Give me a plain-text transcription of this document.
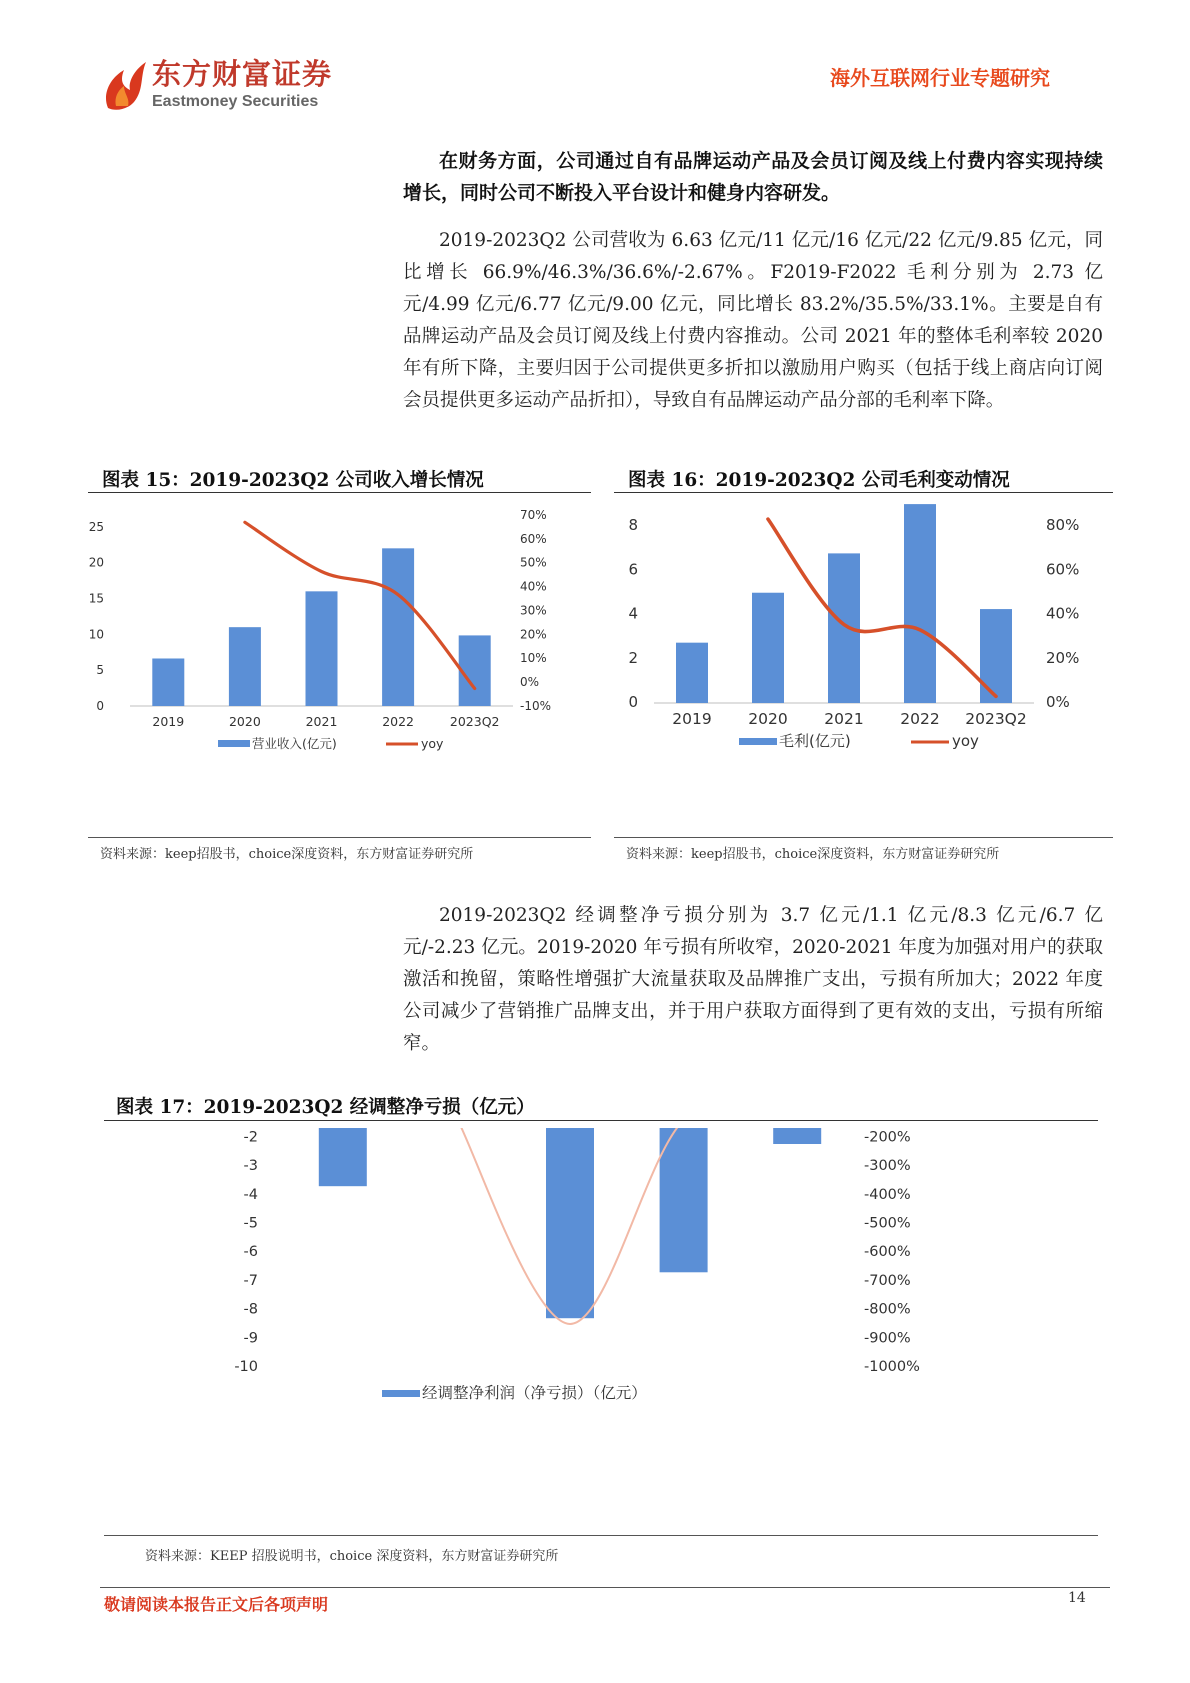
东方财富证券
Eastmoney Securities
海外互联网行业专题研究
在财务方面，公司通过自有品牌运动产品及会员订阅及线上付费内容实现持续增长，同时公司不断投入平台设计和健身内容研发。
2019-2023Q2 公司营收为 6.63 亿元/11 亿元/16 亿元/22 亿元/9.85 亿元，同比增长 66.9%/46.3%/36.6%/-2.67%。F2019-F2022 毛利分别为 2.73 亿元/4.99 亿元/6.77 亿元/9.00 亿元，同比增长 83.2%/35.5%/33.1%。主要是自有品牌运动产品及会员订阅及线上付费内容推动。公司 2021 年的整体毛利率较 2020 年有所下降，主要归因于公司提供更多折扣以激励用户购买（包括于线上商店向订阅会员提供更多运动产品折扣），导致自有品牌运动产品分部的毛利率下降。
图表 15：2019-2023Q2 公司收入增长情况
0
5
10
15
20
25
-10%
0%
10%
20%
30%
40%
50%
60%
70%
2019	2020	2021	2022	2023Q2
营业收入(亿元)	yoy
资料来源：keep招股书，choice深度资料，东方财富证券研究所
图表 16：2019-2023Q2 公司毛利变动情况
0
2
4
6
8
0%
20%
40%
60%
80%
2019 2020 2021 2022 2023Q2
毛利(亿元)	yoy
资料来源：keep招股书，choice深度资料，东方财富证券研究所
2019-2023Q2 经调整净亏损分别为 3.7 亿元/1.1 亿元/8.3 亿元/6.7 亿元/-2.23 亿元。2019-2020 年亏损有所收窄，2020-2021 年度为加强对用户的获取激活和挽留，策略性增强扩大流量获取及品牌推广支出，亏损有所加大；2022 年度公司减少了营销推广品牌支出，并于用户获取方面得到了更有效的支出，亏损有所缩窄。
图表 17：2019-2023Q2 经调整净亏损（亿元）
-2
-3
-4
-5
-6
-7
-8
-9
-10
-200%
-300%
-400%
-500%
-600%
-700%
-800%
-900%
-1000%
经调整净利润（净亏损）（亿元）
资料来源：KEEP 招股说明书，choice 深度资料，东方财富证券研究所
敬请阅读本报告正文后各项声明	14
